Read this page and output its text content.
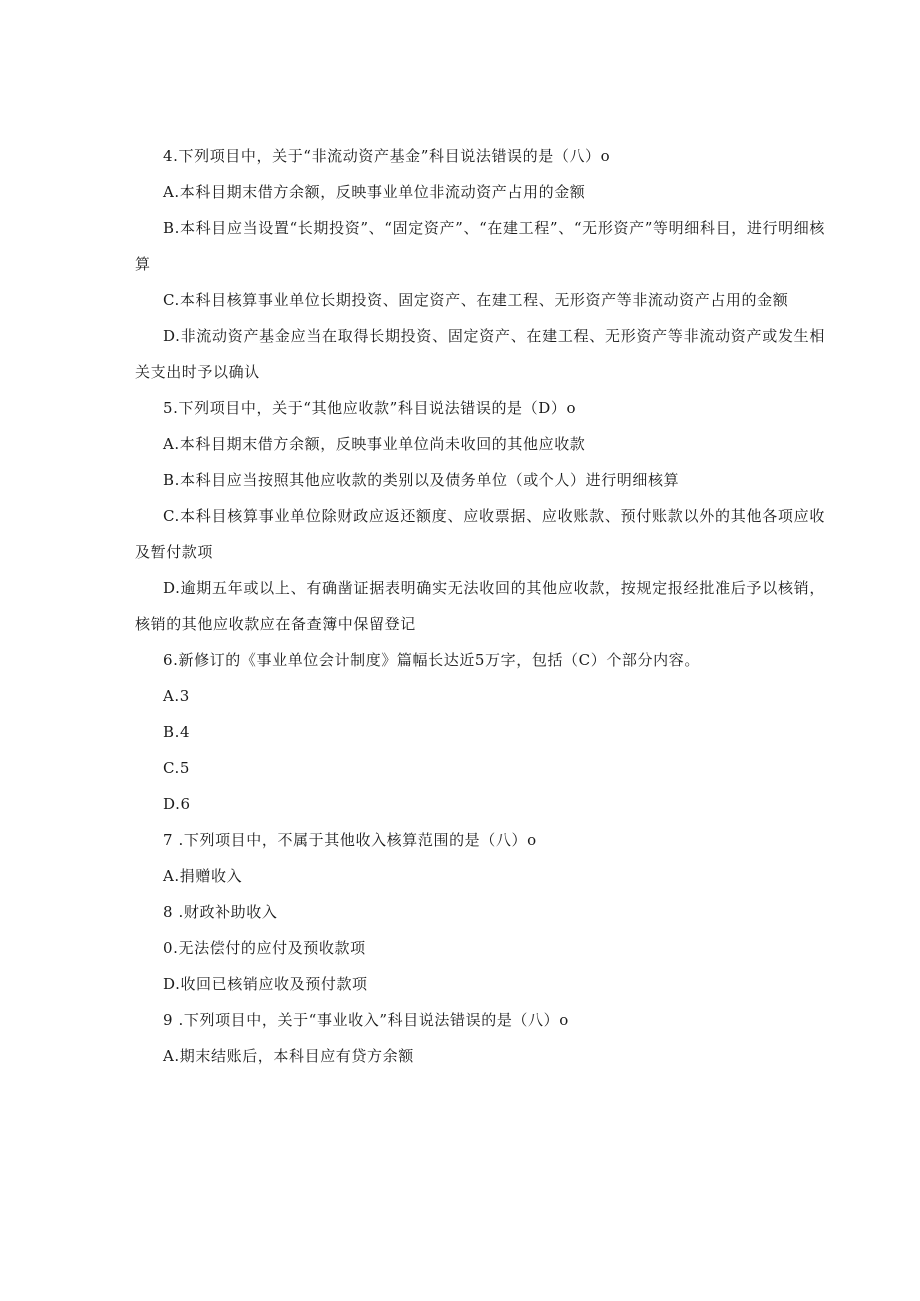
4.下列项目中，关于“非流动资产基金”科目说法错误的是（八）o
A.本科目期末借方余额，反映事业单位非流动资产占用的金额
B.本科目应当设置“长期投资”、“固定资产”、“在建工程”、“无形资产”等明细科目，进行明细核算
C.本科目核算事业单位长期投资、固定资产、在建工程、无形资产等非流动资产占用的金额
D.非流动资产基金应当在取得长期投资、固定资产、在建工程、无形资产等非流动资产或发生相关支出时予以确认
5.下列项目中，关于“其他应收款”科目说法错误的是（D）o
A.本科目期末借方余额，反映事业单位尚未收回的其他应收款
B.本科目应当按照其他应收款的类别以及债务单位（或个人）进行明细核算
C.本科目核算事业单位除财政应返还额度、应收票据、应收账款、预付账款以外的其他各项应收及暂付款项
D.逾期五年或以上、有确凿证据表明确实无法收回的其他应收款，按规定报经批准后予以核销，核销的其他应收款应在备查簿中保留登记
6.新修订的《事业单位会计制度》篇幅长达近5万字，包括（C）个部分内容。
A.3
B.4
C.5
D.6
7 .下列项目中，不属于其他收入核算范围的是（八）o
A.捐赠收入
8 .财政补助收入
0.无法偿付的应付及预收款项
D.收回已核销应收及预付款项
9 .下列项目中，关于“事业收入”科目说法错误的是（八）o
A.期末结账后，本科目应有贷方余额
